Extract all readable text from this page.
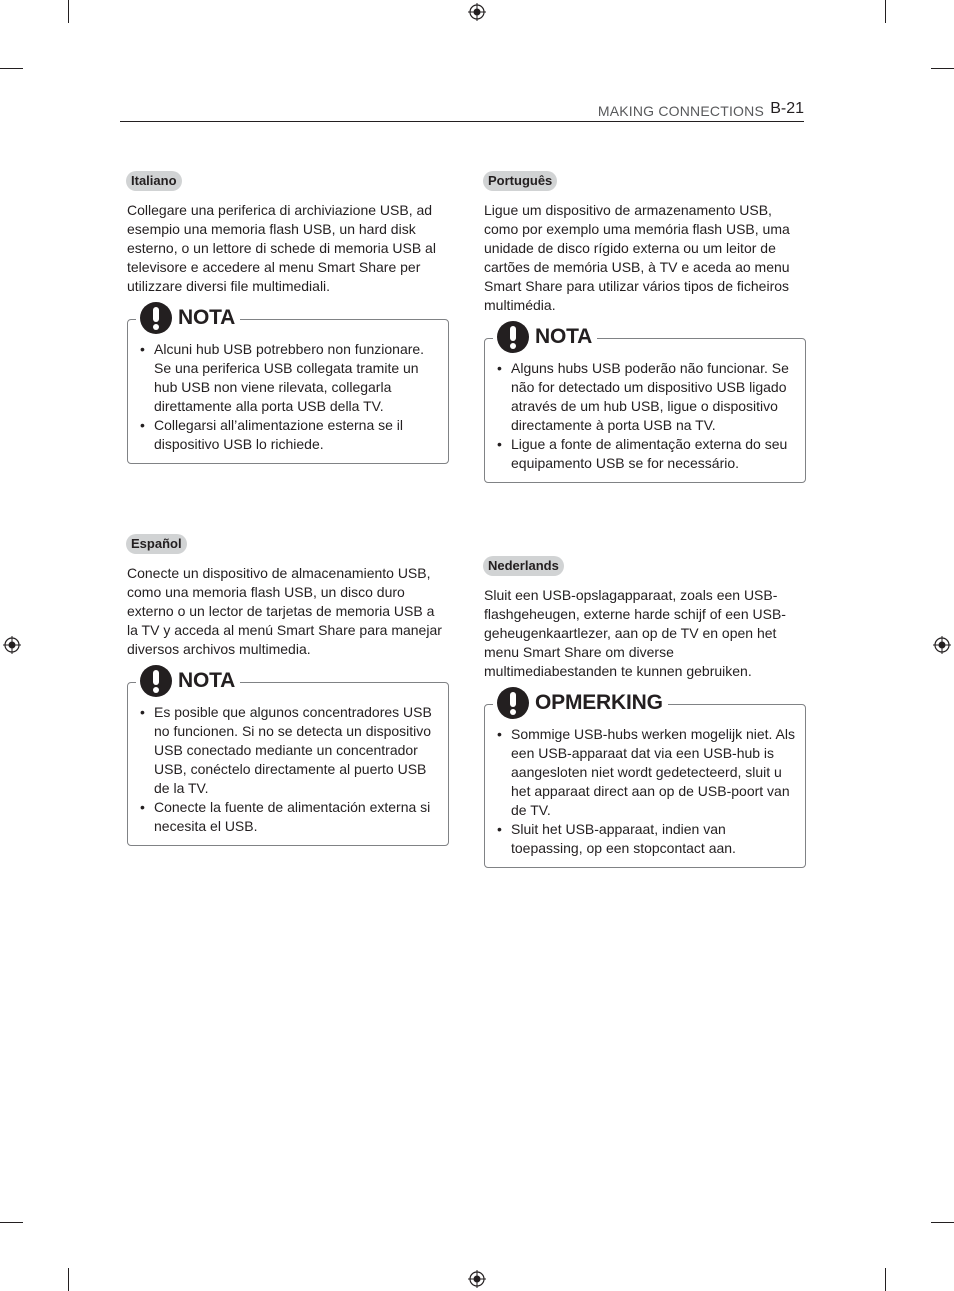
MAKING CONNECTIONS B-21
Italiano

Collegare una periferica di archiviazione USB, ad esempio una memoria flash USB, un hard disk esterno, o un lettore di schede di memoria USB al televisore e accedere al menu Smart Share per utilizzare diversi file multimediali.

NOTA
• Alcuni hub USB potrebbero non funzionare. Se una periferica USB collegata tramite un hub USB non viene rilevata, collegarla direttamente alla porta USB della TV.
• Collegarsi all’alimentazione esterna se il dispositivo USB lo richiede.
Português

Ligue um dispositivo de armazenamento USB, como por exemplo uma memória flash USB, uma unidade de disco rígido externa ou um leitor de cartões de memória USB, à TV e aceda ao menu Smart Share para utilizar vários tipos de ficheiros multimédia.

NOTA
• Alguns hubs USB poderão não funcionar. Se não for detectado um dispositivo USB ligado através de um hub USB, ligue o dispositivo directamente à porta USB na TV.
• Ligue a fonte de alimentação externa do seu equipamento USB se for necessário.
Español

Conecte un dispositivo de almacenamiento USB, como una memoria flash USB, un disco duro externo o un lector de tarjetas de memoria USB a la TV y acceda al menú Smart Share para manejar diversos archivos multimedia.

NOTA
• Es posible que algunos concentradores USB no funcionen. Si no se detecta un dispositivo USB conectado mediante un concentrador USB, conéctelo directamente al puerto USB de la TV.
• Conecte la fuente de alimentación externa si necesita el USB.
Nederlands

Sluit een USB-opslagapparaat, zoals een USB-flashgeheugen, externe harde schijf of een USB-geheugenkaartlezer, aan op de TV en open het menu Smart Share om diverse multimediabestanden te kunnen gebruiken.

OPMERKING
• Sommige USB-hubs werken mogelijk niet. Als een USB-apparaat dat via een USB-hub is aangesloten niet wordt gedetecteerd, sluit u het apparaat direct aan op de USB-poort van de TV.
• Sluit het USB-apparaat, indien van toepassing, op een stopcontact aan.
